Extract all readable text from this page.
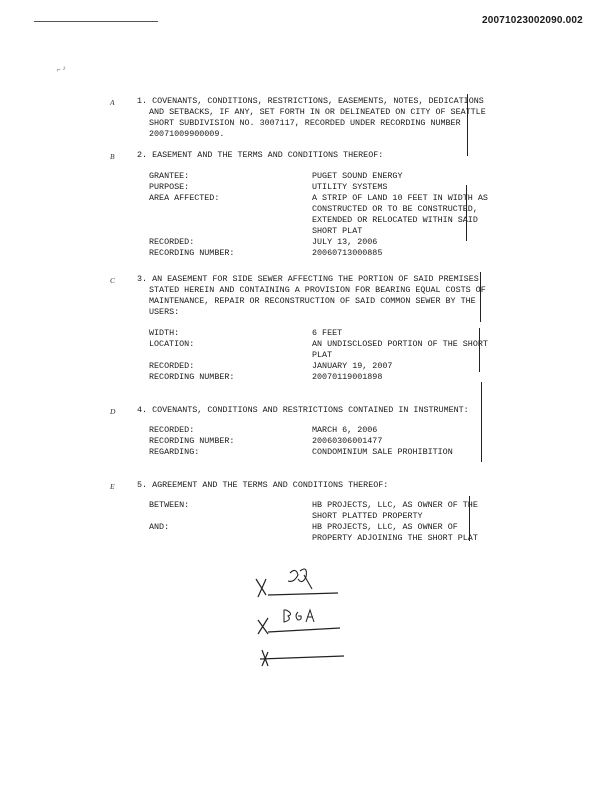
20071023002090.002
⌐ ˀ
A	1. COVENANTS, CONDITIONS, RESTRICTIONS, EASEMENTS, NOTES, DEDICATIONS
AND SETBACKS, IF ANY, SET FORTH IN OR DELINEATED ON CITY OF SEATTLE
SHORT SUBDIVISION NO. 3007117, RECORDED UNDER RECORDING NUMBER
20071009900009.
B	2. EASEMENT AND THE TERMS AND CONDITIONS THEREOF:
GRANTEE:	PUGET SOUND ENERGY
PURPOSE:	UTILITY SYSTEMS
AREA AFFECTED:	A STRIP OF LAND 10 FEET IN WIDTH AS
CONSTRUCTED OR TO BE CONSTRUCTED,
EXTENDED OR RELOCATED WITHIN SAID
SHORT PLAT
RECORDED:	JULY 13, 2006
RECORDING NUMBER:	20060713000885
C	3. AN EASEMENT FOR SIDE SEWER AFFECTING THE PORTION OF SAID PREMISES
STATED HEREIN AND CONTAINING A PROVISION FOR BEARING EQUAL COSTS OF
MAINTENANCE, REPAIR OR RECONSTRUCTION OF SAID COMMON SEWER BY THE
USERS:
WIDTH:	6 FEET
LOCATION:	AN UNDISCLOSED PORTION OF THE SHORT
PLAT
RECORDED:	JANUARY 19, 2007
RECORDING NUMBER:	20070119001898
D	4. COVENANTS, CONDITIONS AND RESTRICTIONS CONTAINED IN INSTRUMENT:
RECORDED:	MARCH 6, 2006
RECORDING NUMBER:	20060306001477
REGARDING:	CONDOMINIUM SALE PROHIBITION
E	5. AGREEMENT AND THE TERMS AND CONDITIONS THEREOF:
BETWEEN:	HB PROJECTS, LLC, AS OWNER OF THE
SHORT PLATTED PROPERTY
AND:	HB PROJECTS, LLC, AS OWNER OF
PROPERTY ADJOINING THE SHORT PLAT
